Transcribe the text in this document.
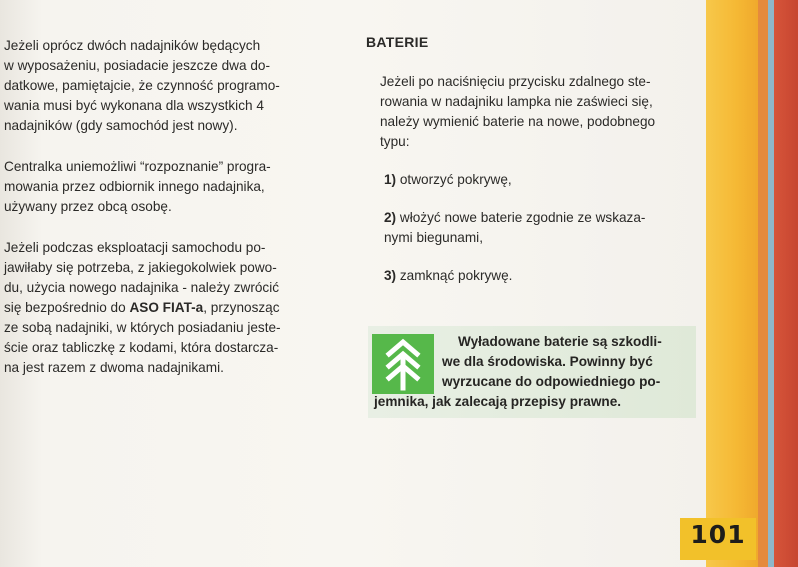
Jeżeli oprócz dwóch nadajników będących
w wyposażeniu, posiadacie jeszcze dwa do-
datkowe, pamiętajcie, że czynność programo-
wania musi być wykonana dla wszystkich 4
nadajników (gdy samochód jest nowy).

Centralka uniemożliwi “rozpoznanie” progra-
mowania przez odbiornik innego nadajnika,
używany przez obcą osobę.

Jeżeli podczas eksploatacji samochodu po-
jawiłaby się potrzeba, z jakiegokolwiek powo-
du, użycia nowego nadajnika - należy zwrócić
się bezpośrednio do ASO FIAT-a, przynosząc
ze sobą nadajniki, w których posiadaniu jeste-
ście oraz tabliczkę z kodami, która dostarcza-
na jest razem z dwoma nadajnikami.

BATERIE

Jeżeli po naciśnięciu przycisku zdalnego ste-
rowania w nadajniku lampka nie zaświeci się,
należy wymienić baterie na nowe, podobnego
typu:

1) otworzyć pokrywę,

2) włożyć nowe baterie zgodnie ze wskaza-
nymi biegunami,

3) zamknąć pokrywę.

Wyładowane baterie są szkodli-
we dla środowiska. Powinny być
wyrzucane do odpowiedniego po-
jemnika, jak zalecają przepisy prawne.
101
